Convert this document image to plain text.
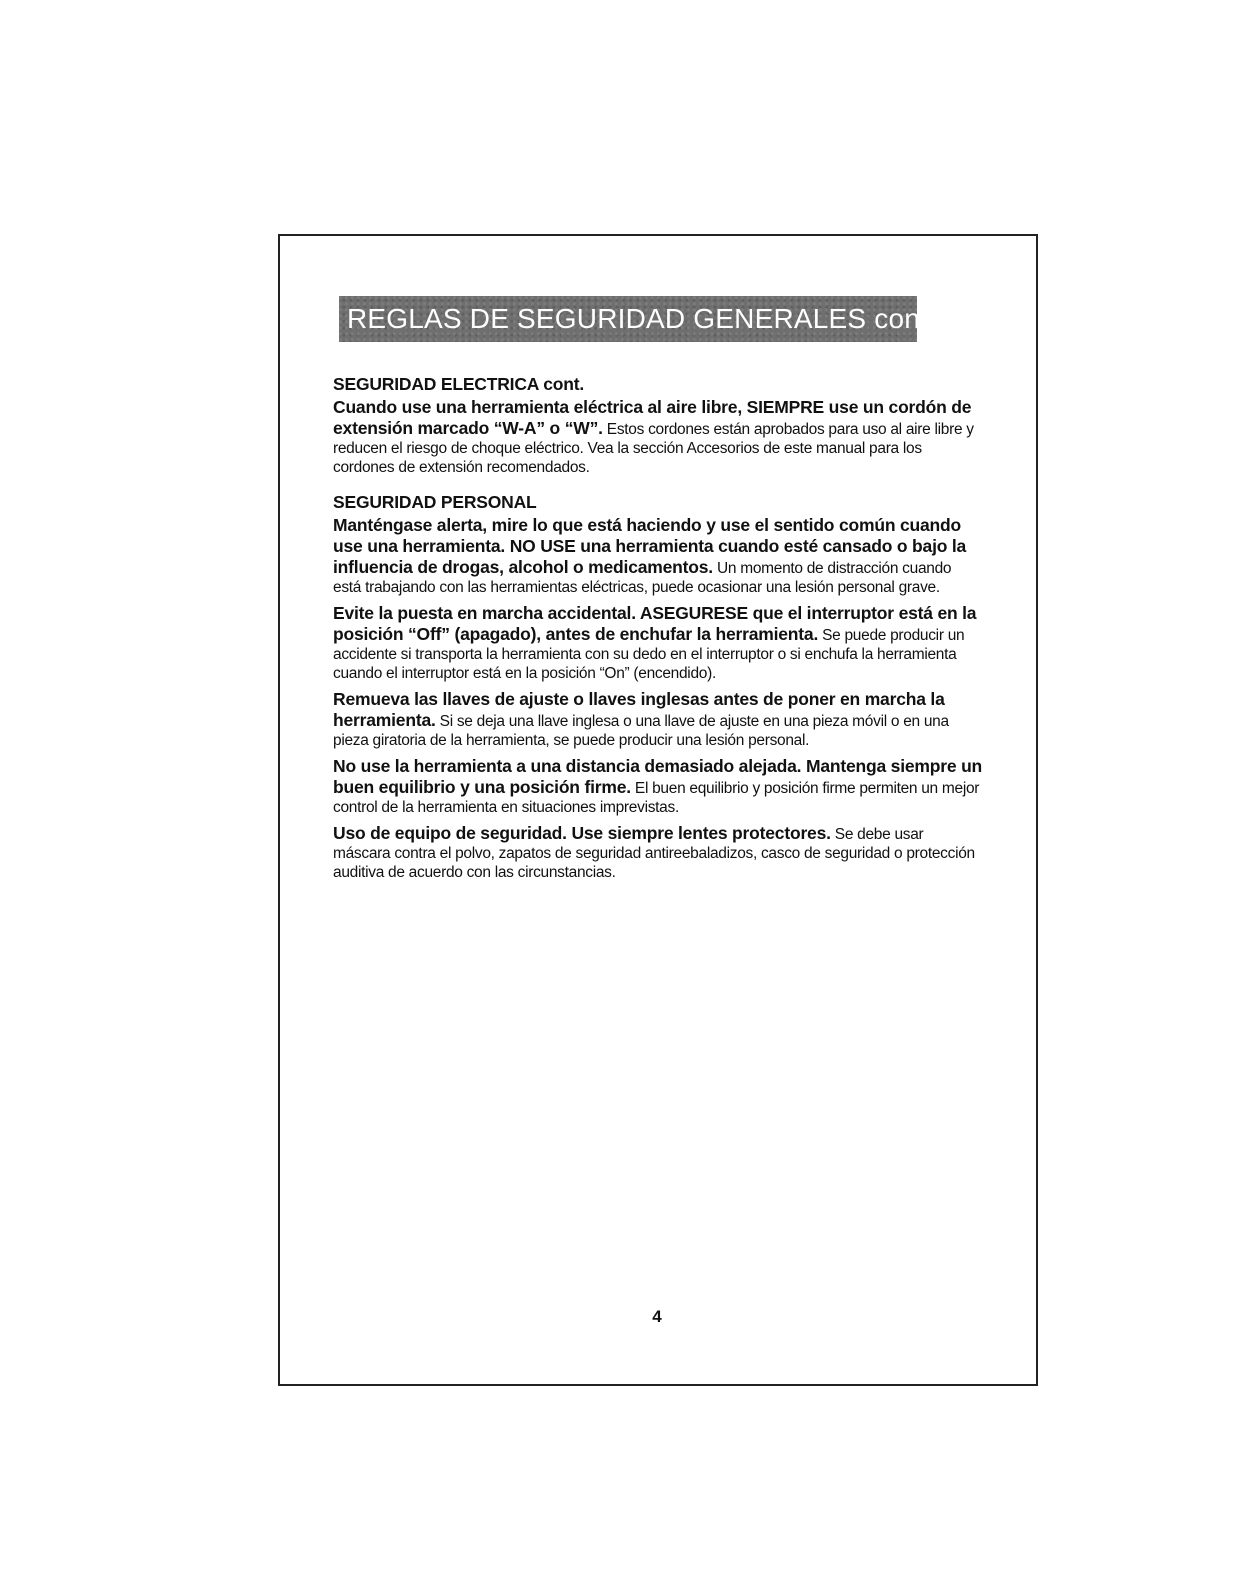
REGLAS DE SEGURIDAD GENERALES cont.
SEGURIDAD ELECTRICA cont.

Cuando use una herramienta eléctrica al aire libre, SIEMPRE use un cordón de extensión marcado “W-A” o “W”. Estos cordones están aprobados para uso al aire libre y reducen el riesgo de choque eléctrico. Vea la sección Accesorios de este manual para los cordones de extensión recomendados.

SEGURIDAD PERSONAL

Manténgase alerta, mire lo que está haciendo y use el sentido común cuando use una herramienta. NO USE una herramienta cuando esté cansado o bajo la influencia de drogas, alcohol o medicamentos. Un momento de distracción cuando está trabajando con las herramientas eléctricas, puede ocasionar una lesión personal grave.

Evite la puesta en marcha accidental. ASEGURESE que el interruptor está en la posición “Off” (apagado), antes de enchufar la herramienta. Se puede producir un accidente si transporta la herramienta con su dedo en el interruptor o si enchufa la herramienta cuando el interruptor está en la posición “On” (encendido).

Remueva las llaves de ajuste o llaves inglesas antes de poner en marcha la herramienta. Si se deja una llave inglesa o una llave de ajuste en una pieza móvil o en una pieza giratoria de la herramienta, se puede producir una lesión personal.

No use la herramienta a una distancia demasiado alejada. Mantenga siempre un buen equilibrio y una posición firme. El buen equilibrio y posición firme permiten un mejor control de la herramienta en situaciones imprevistas.

Uso de equipo de seguridad. Use siempre lentes protectores. Se debe usar máscara contra el polvo, zapatos de seguridad antireebaladizos, casco de seguridad o protección auditiva de acuerdo con las circunstancias.

4
